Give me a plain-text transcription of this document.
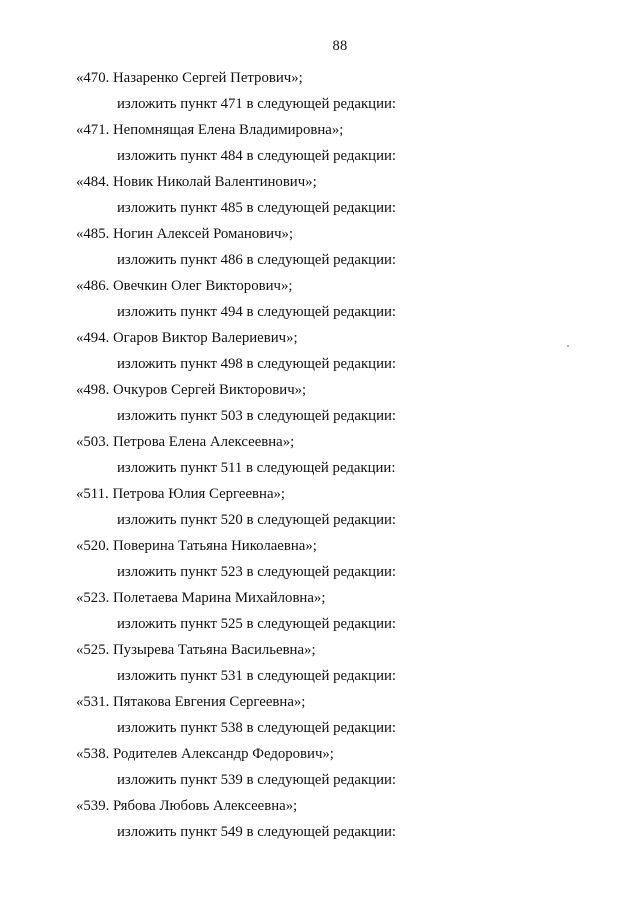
88
«470. Назаренко Сергей Петрович»;
изложить пункт 471 в следующей редакции:
«471. Непомнящая Елена Владимировна»;
изложить пункт 484 в следующей редакции:
«484. Новик Николай Валентинович»;
изложить пункт 485 в следующей редакции:
«485. Ногин Алексей Романович»;
изложить пункт 486 в следующей редакции:
«486. Овечкин Олег Викторович»;
изложить пункт 494 в следующей редакции:
«494. Огаров Виктор Валериевич»;
изложить пункт 498 в следующей редакции:
«498. Очкуров Сергей Викторович»;
изложить пункт 503 в следующей редакции:
«503. Петрова Елена Алексеевна»;
изложить пункт 511 в следующей редакции:
«511. Петрова Юлия Сергеевна»;
изложить пункт 520 в следующей редакции:
«520. Поверина Татьяна Николаевна»;
изложить пункт 523 в следующей редакции:
«523. Полетаева Марина Михайловна»;
изложить пункт 525 в следующей редакции:
«525. Пузырева Татьяна Васильевна»;
изложить пункт 531 в следующей редакции:
«531. Пятакова Евгения Сергеевна»;
изложить пункт 538 в следующей редакции:
«538. Родителев Александр Федорович»;
изложить пункт 539 в следующей редакции:
«539. Рябова Любовь Алексеевна»;
изложить пункт 549 в следующей редакции:
